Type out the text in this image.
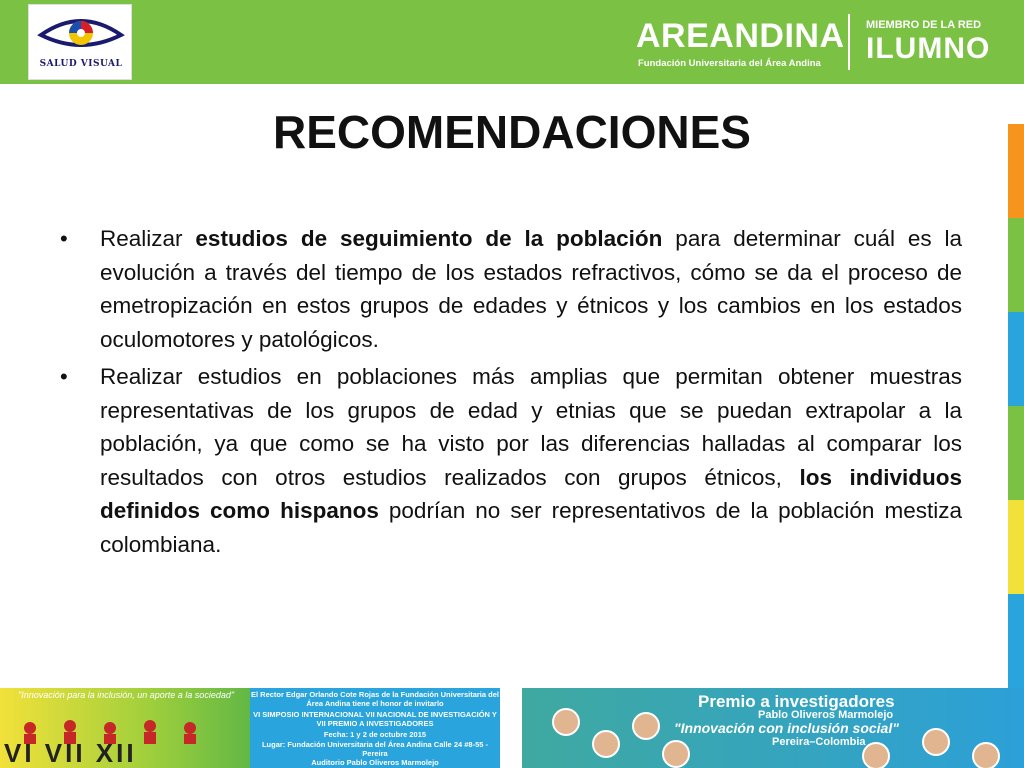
SALUD VISUAL
AREANDINA
Fundación Universitaria del Área Andina
MIEMBRO DE LA RED
ILUMNO
RECOMENDACIONES
• Realizar estudios de seguimiento de la población para determinar cuál es la evolución a través del tiempo de los estados refractivos, cómo se da el proceso de emetropización en estos grupos de edades y étnicos y los cambios en los estados oculomotores y patológicos.
• Realizar estudios en poblaciones más amplias que permitan obtener muestras representativas de los grupos de edad y etnias que se puedan extrapolar a la población, ya que como se ha visto por las diferencias halladas al comparar los resultados con otros estudios realizados con grupos étnicos, los individuos definidos como hispanos podrían no ser representativos de la población mestiza colombiana.
"Innovación para la inclusión, un aporte a la sociedad"
VI VII XII
El Rector Edgar Orlando Cote Rojas de la Fundación Universitaria del Área Andina tiene el honor de invitarlo
VI SIMPOSIO INTERNACIONAL VII NACIONAL DE INVESTIGACIÓN Y VII PREMIO A INVESTIGADORES
Fecha: 1 y 2 de octubre 2015
Lugar: Fundación Universitaria del Área Andina Calle 24 #8-55 - Pereira
Auditorio Pablo Oliveros Marmolejo
Premio a investigadores
Pablo Oliveros Marmolejo
"Innovación con inclusión social"
Pereira–Colombia
